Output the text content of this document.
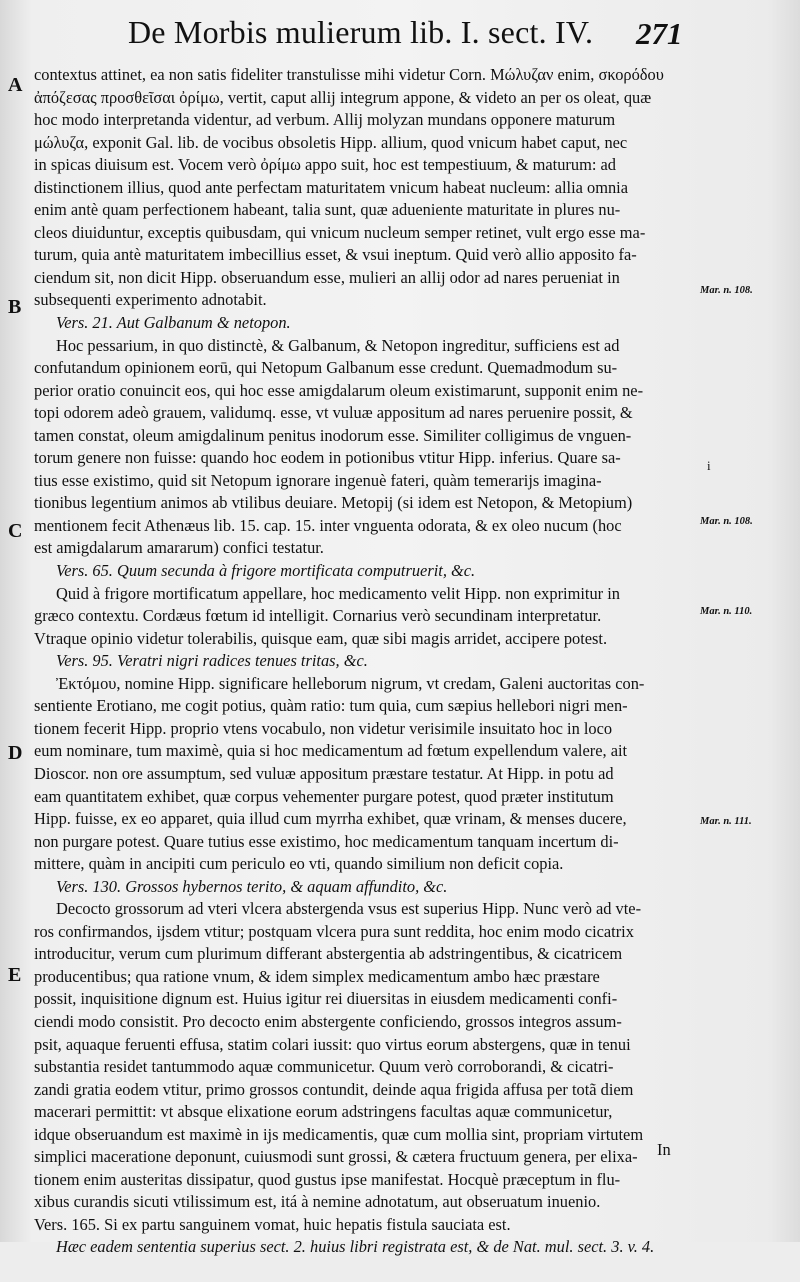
De Morbis mulierum lib. I. sect. IV. 271
A
B
C
D
E
Mar. n. 108.
Mar. n. 108.
Mar. n. 110.
Mar. n. 111.
i
contextus attinet, ea non satis fideliter transtulisse mihi videtur Corn. Μώλυζαν enim, σκορόδου
ἀπόζεσας προσθεῖσαι ὀρίμω, vertit, caput allij integrum appone, & videto an per os oleat, quæ
hoc modo interpretanda videntur, ad verbum. Allij molyzan mundans opponere maturum
μώλυζα, exponit Gal. lib. de vocibus obsoletis Hipp. allium, quod vnicum habet caput, nec
in spicas diuisum est. Vocem verò ὀρίμω appo suit, hoc est tempestiuum, & maturum: ad
distinctionem illius, quod ante perfectam maturitatem vnicum habeat nucleum: allia omnia
enim antè quam perfectionem habeant, talia sunt, quæ adueniente maturitate in plures nu-
cleos diuiduntur, exceptis quibusdam, qui vnicum nucleum semper retinet, vult ergo esse ma-
turum, quia antè maturitatem imbecillius esset, & vsui ineptum. Quid verò allio apposito fa-
ciendum sit, non dicit Hipp. obseruandum esse, mulieri an allij odor ad nares perueniat in
subsequenti experimento adnotabit.
Vers. 21. Aut Galbanum & netopon.
Hoc pessarium, in quo distinctè, & Galbanum, & Netopon ingreditur, sufficiens est ad
confutandum opinionem eorū, qui Netopum Galbanum esse credunt. Quemadmodum su-
perior oratio conuincit eos, qui hoc esse amigdalarum oleum existimarunt, supponit enim ne-
topi odorem adeò grauem, validumq. esse, vt vuluæ appositum ad nares peruenire possit, &
tamen constat, oleum amigdalinum penitus inodorum esse. Similiter colligimus de vnguen-
torum genere non fuisse: quando hoc eodem in potionibus vtitur Hipp. inferius. Quare sa-
tius esse existimo, quid sit Netopum ignorare ingenuè fateri, quàm temerarijs imagina-
tionibus legentium animos ab vtilibus deuiare. Metopij (si idem est Netopon, & Metopium)
mentionem fecit Athenæus lib. 15. cap. 15. inter vnguenta odorata, & ex oleo nucum (hoc
est amigdalarum amararum) confici testatur.
Vers. 65. Quum secunda à frigore mortificata computruerit, &c.
Quid à frigore mortificatum appellare, hoc medicamento velit Hipp. non exprimitur in
græco contextu. Cordæus fœtum id intelligit. Cornarius verò secundinam interpretatur.
Vtraque opinio videtur tolerabilis, quisque eam, quæ sibi magis arridet, accipere potest.
Vers. 95. Veratri nigri radices tenues tritas, &c.
Ἐκτόμου, nomine Hipp. significare helleborum nigrum, vt credam, Galeni auctoritas con-
sentiente Erotiano, me cogit potius, quàm ratio: tum quia, cum sæpius hellebori nigri men-
tionem fecerit Hipp. proprio vtens vocabulo, non videtur verisimile insuitato hoc in loco
eum nominare, tum maximè, quia si hoc medicamentum ad fœtum expellendum valere, ait
Dioscor. non ore assumptum, sed vuluæ appositum præstare testatur. At Hipp. in potu ad
eam quantitatem exhibet, quæ corpus vehementer purgare potest, quod præter institutum
Hipp. fuisse, ex eo apparet, quia illud cum myrrha exhibet, quæ vrinam, & menses ducere,
non purgare potest. Quare tutius esse existimo, hoc medicamentum tanquam incertum di-
mittere, quàm in ancipiti cum periculo eo vti, quando similium non deficit copia.
Vers. 130. Grossos hybernos terito, & aquam affundito, &c.
Decocto grossorum ad vteri vlcera abstergenda vsus est superius Hipp. Nunc verò ad vte-
ros confirmandos, ijsdem vtitur; postquam vlcera pura sunt reddita, hoc enim modo cicatrix
introducitur, verum cum plurimum differant abstergentia ab adstringentibus, & cicatricem
producentibus; qua ratione vnum, & idem simplex medicamentum ambo hæc præstare
possit, inquisitione dignum est. Huius igitur rei diuersitas in eiusdem medicamenti confi-
ciendi modo consistit. Pro decocto enim abstergente conficiendo, grossos integros assum-
psit, aquaque feruenti effusa, statim colari iussit: quo virtus eorum abstergens, quæ in tenui
substantia residet tantummodo aquæ communicetur. Quum verò corroborandi, & cicatri-
zandi gratia eodem vtitur, primo grossos contundit, deinde aqua frigida affusa per totã diem
macerari permittit: vt absque elixatione eorum adstringens facultas aquæ communicetur,
idque obseruandum est maximè in ijs medicamentis, quæ cum mollia sint, propriam virtutem
simplici maceratione deponunt, cuiusmodi sunt grossi, & cætera fructuum genera, per elixa-
tionem enim austeritas dissipatur, quod gustus ipse manifestat. Hocquè præceptum in flu-
xibus curandis sicuti vtilissimum est, itá à nemine adnotatum, aut obseruatum inuenio.
Vers. 165. Si ex partu sanguinem vomat, huic hepatis fistula sauciata est.
Hæc eadem sententia superius sect. 2. huius libri registrata est, & de Nat. mul. sect. 3. v. 4.
In
